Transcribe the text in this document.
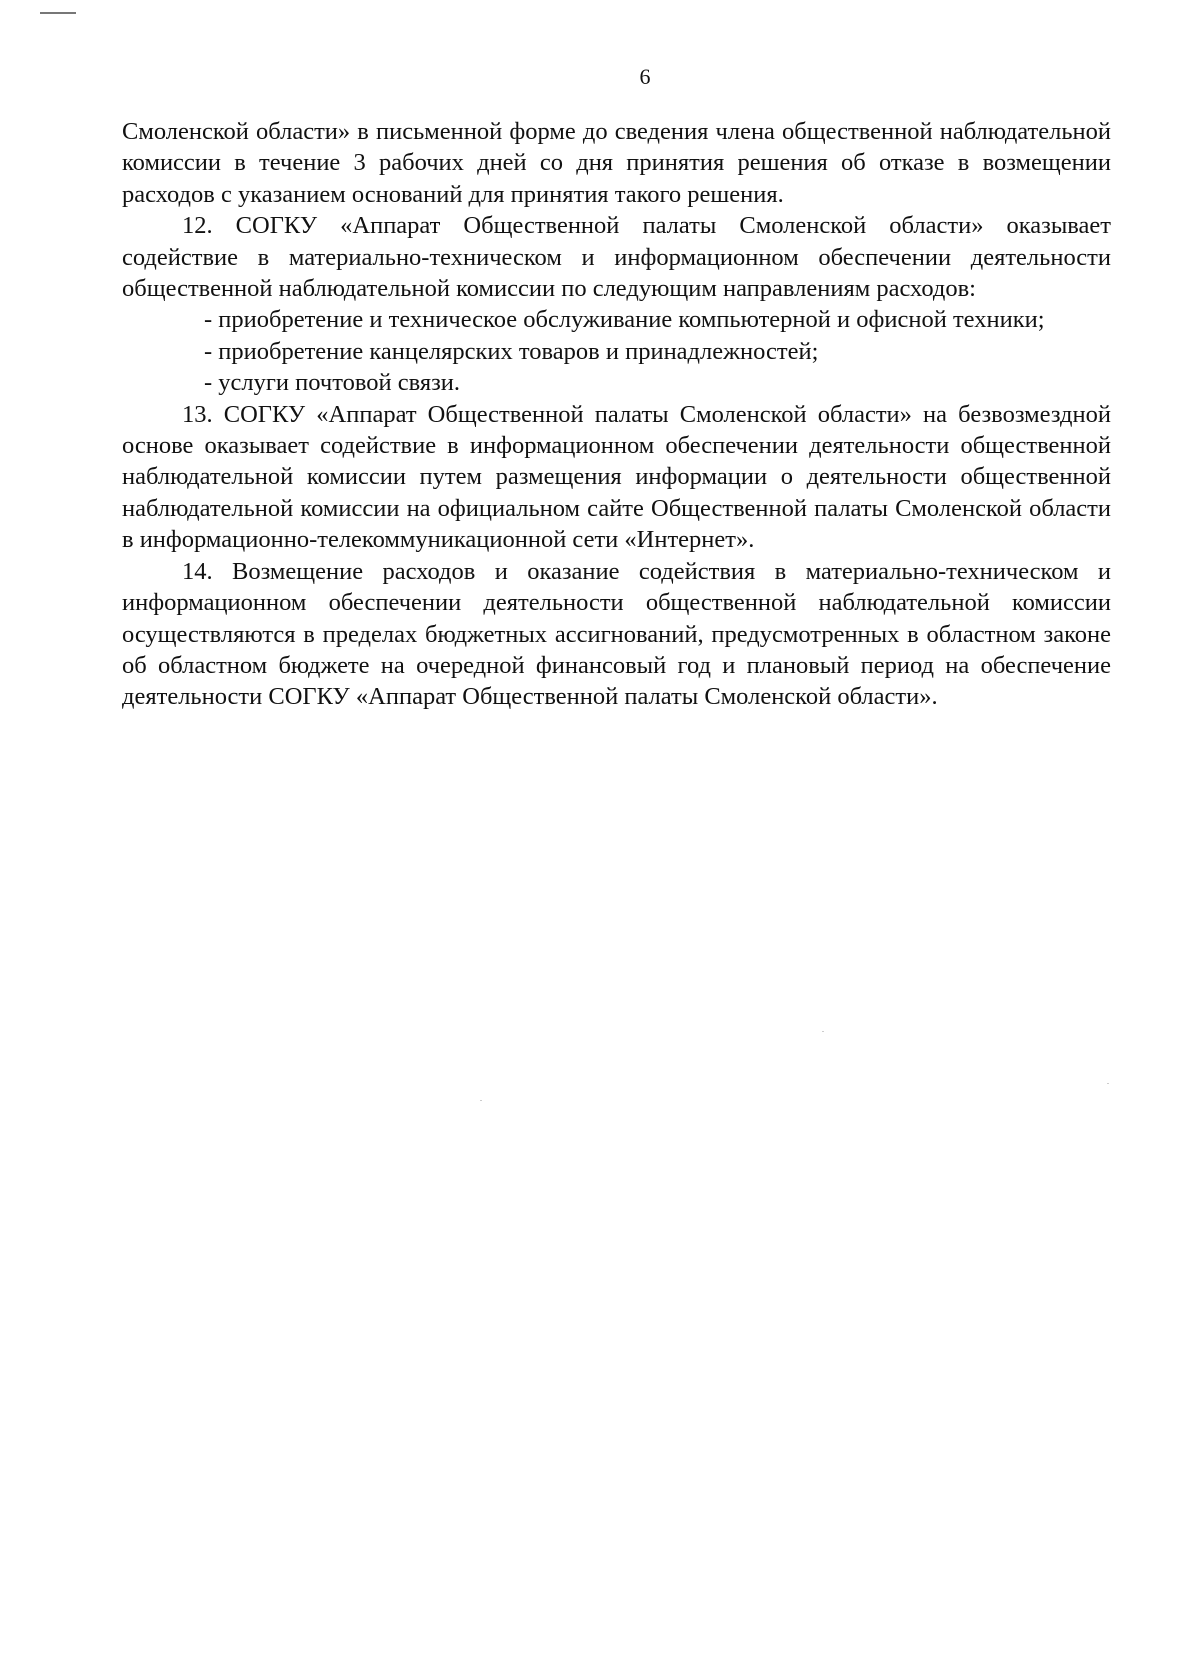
6

Смоленской области» в письменной форме до сведения члена общественной наблюдательной комиссии в течение 3 рабочих дней со дня принятия решения об отказе в возмещении расходов с указанием оснований для принятия такого решения.

12. СОГКУ «Аппарат Общественной палаты Смоленской области» оказывает содействие в материально-техническом и информационном обеспечении деятельности общественной наблюдательной комиссии по следующим направлениям расходов:

- приобретение и техническое обслуживание компьютерной и офисной техники;

- приобретение канцелярских товаров и принадлежностей;

- услуги почтовой связи.

13. СОГКУ «Аппарат Общественной палаты Смоленской области» на безвозмездной основе оказывает содействие в информационном обеспечении деятельности общественной наблюдательной комиссии путем размещения информации о деятельности общественной наблюдательной комиссии на официальном сайте Общественной палаты Смоленской области в информационно-телекоммуникационной сети «Интернет».

14. Возмещение расходов и оказание содействия в материально-техническом и информационном обеспечении деятельности общественной наблюдательной комиссии осуществляются в пределах бюджетных ассигнований, предусмотренных в областном законе об областном бюджете на очередной финансовый год и плановый период на обеспечение деятельности СОГКУ «Аппарат Общественной палаты Смоленской области».
